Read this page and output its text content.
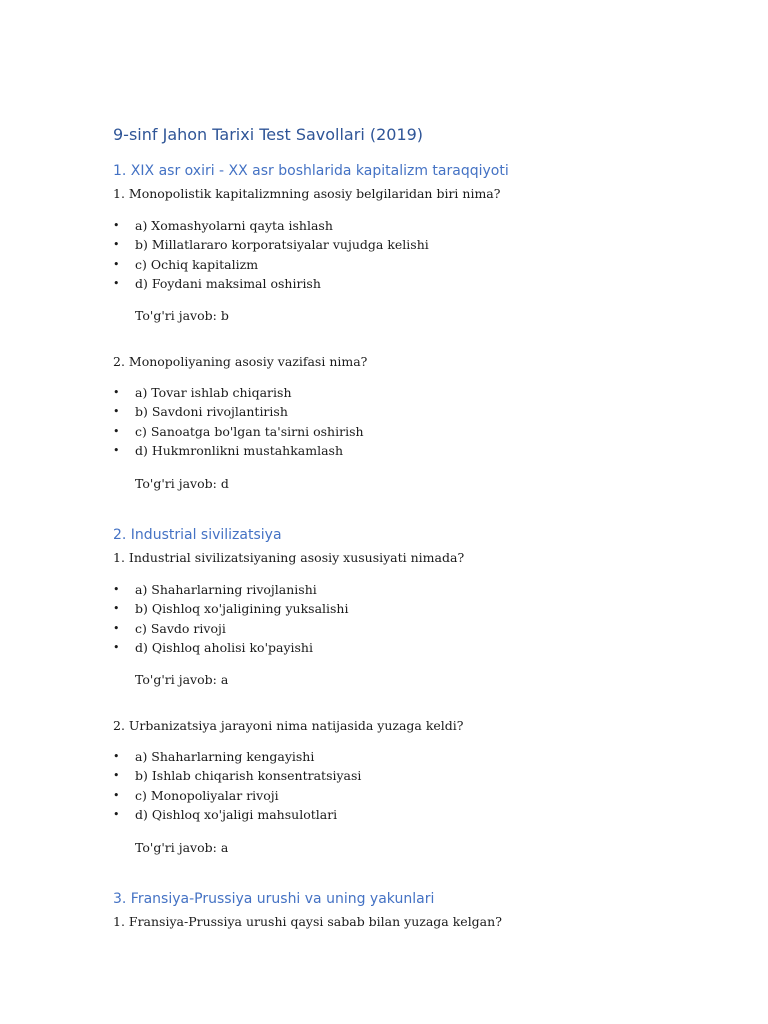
9-sinf Jahon Tarixi Test Savollari (2019)
1. XIX asr oxiri - XX asr boshlarida kapitalizm taraqqiyoti

1. Monopolistik kapitalizmning asosiy belgilaridan biri nima?

• a) Xomashyolarni qayta ishlash
• b) Millatlararo korporatsiyalar vujudga kelishi
• c) Ochiq kapitalizm
• d) Foydani maksimal oshirish

To'g'ri javob: b

2. Monopoliyaning asosiy vazifasi nima?

• a) Tovar ishlab chiqarish
• b) Savdoni rivojlantirish
• c) Sanoatga bo'lgan ta'sirni oshirish
• d) Hukmronlikni mustahkamlash

To'g'ri javob: d

2. Industrial sivilizatsiya

1. Industrial sivilizatsiyaning asosiy xususiyati nimada?

• a) Shaharlarning rivojlanishi
• b) Qishloq xo'jaligining yuksalishi
• c) Savdo rivoji
• d) Qishloq aholisi ko'payishi

To'g'ri javob: a

2. Urbanizatsiya jarayoni nima natijasida yuzaga keldi?

• a) Shaharlarning kengayishi
• b) Ishlab chiqarish konsentratsiyasi
• c) Monopoliyalar rivoji
• d) Qishloq xo'jaligi mahsulotlari

To'g'ri javob: a

3. Fransiya-Prussiya urushi va uning yakunlari

1. Fransiya-Prussiya urushi qaysi sabab bilan yuzaga kelgan?
